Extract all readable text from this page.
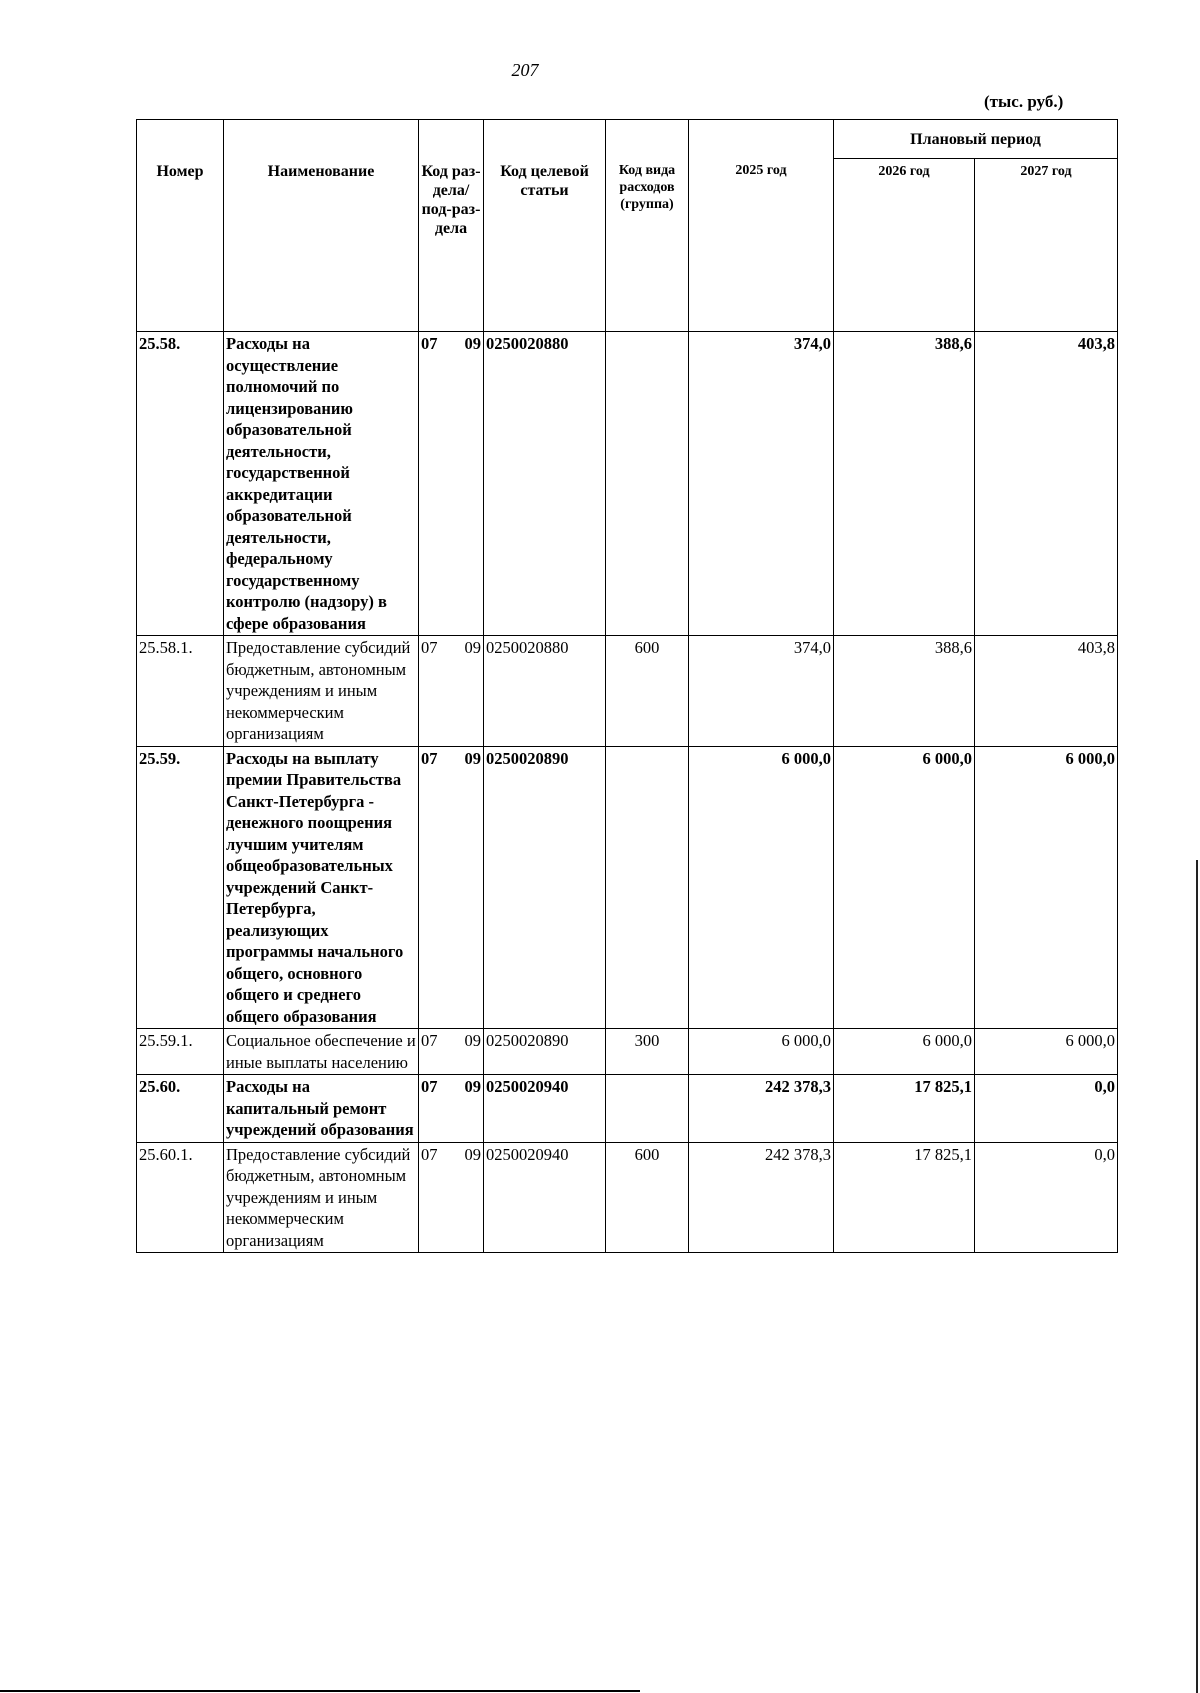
207
(тыс. руб.)
Номер	Наименование	Код раз-дела/ под-раз-дела	Код целевой статьи	Код вида расходов (группа)	2025 год	Плановый период	
						2026 год	2027 год
25.58.	Расходы на осуществление полномочий по лицензированию образовательной деятельности, государственной аккредитации образовательной деятельности, федеральному государственному контролю (надзору) в сфере образования	07 09	0250020880		374,0	388,6	403,8
25.58.1.	Предоставление субсидий бюджетным, автономным учреждениям и иным некоммерческим организациям	07 09	0250020880	600	374,0	388,6	403,8
25.59.	Расходы на выплату премии Правительства Санкт-Петербурга - денежного поощрения лучшим учителям общеобразовательных учреждений Санкт-Петербурга, реализующих программы начального общего, основного общего и среднего общего образования	07 09	0250020890		6 000,0	6 000,0	6 000,0
25.59.1.	Социальное обеспечение и иные выплаты населению	07 09	0250020890	300	6 000,0	6 000,0	6 000,0
25.60.	Расходы на капитальный ремонт учреждений образования	07 09	0250020940		242 378,3	17 825,1	0,0
25.60.1.	Предоставление субсидий бюджетным, автономным учреждениям и иным некоммерческим организациям	07 09	0250020940	600	242 378,3	17 825,1	0,0
